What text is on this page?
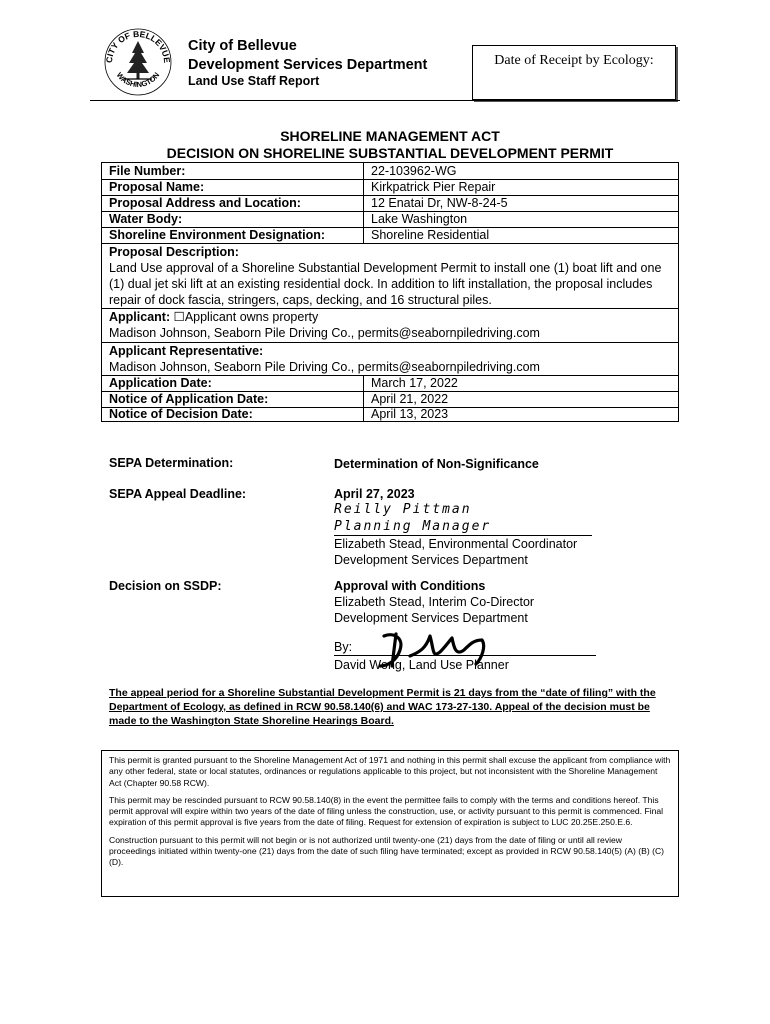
CITY OF BELLEVUE
WASHINGTON
City of Bellevue
Development Services Department
Land Use Staff Report
Date of Receipt by Ecology:
SHORELINE MANAGEMENT ACT
DECISION ON SHORELINE SUBSTANTIAL DEVELOPMENT PERMIT
File Number:	22-103962-WG
Proposal Name:	Kirkpatrick Pier Repair
Proposal Address and Location:	12 Enatai Dr, NW-8-24-5
Water Body:	Lake Washington
Shoreline Environment Designation:	Shoreline Residential
Proposal Description:
Land Use approval of a Shoreline Substantial Development Permit to install one (1) boat lift and one (1) dual jet ski lift at an existing residential dock. In addition to lift installation, the proposal includes repair of dock fascia, stringers, caps, decking, and 16 structural piles.
Applicant: ☐Applicant owns property
Madison Johnson, Seaborn Pile Driving Co., permits@seabornpiledriving.com
Applicant Representative:
Madison Johnson, Seaborn Pile Driving Co., permits@seabornpiledriving.com
Application Date:	March 17, 2022
Notice of Application Date:	April 21, 2022
Notice of Decision Date:	April 13, 2023
SEPA Determination:	Determination of Non-Significance
SEPA Appeal Deadline:	April 27, 2023
Reilly Pittman
Planning Manager
Elizabeth Stead, Environmental Coordinator
Development Services Department
Decision on SSDP:	Approval with Conditions
Elizabeth Stead, Interim Co-Director
Development Services Department
By:
David Wong, Land Use Planner
The appeal period for a Shoreline Substantial Development Permit is 21 days from the “date of filing” with the Department of Ecology, as defined in RCW 90.58.140(6) and WAC 173-27-130. Appeal of the decision must be made to the Washington State Shoreline Hearings Board.

This permit is granted pursuant to the Shoreline Management Act of 1971 and nothing in this permit shall excuse the applicant from compliance with any other federal, state or local statutes, ordinances or regulations applicable to this project, but not inconsistent with the Shoreline Management Act (Chapter 90.58 RCW).

This permit may be rescinded pursuant to RCW 90.58.140(8) in the event the permittee fails to comply with the terms and conditions hereof. This permit approval will expire within two years of the date of filing unless the construction, use, or activity pursuant to this permit is commenced. Final expiration of this permit approval is five years from the date of filing. Request for extension of expiration is subject to LUC 20.25E.250.E.6.

Construction pursuant to this permit will not begin or is not authorized until twenty-one (21) days from the date of filing or until all review proceedings initiated within twenty-one (21) days from the date of such filing have terminated; except as provided in RCW 90.58.140(5) (A) (B) (C) (D).
